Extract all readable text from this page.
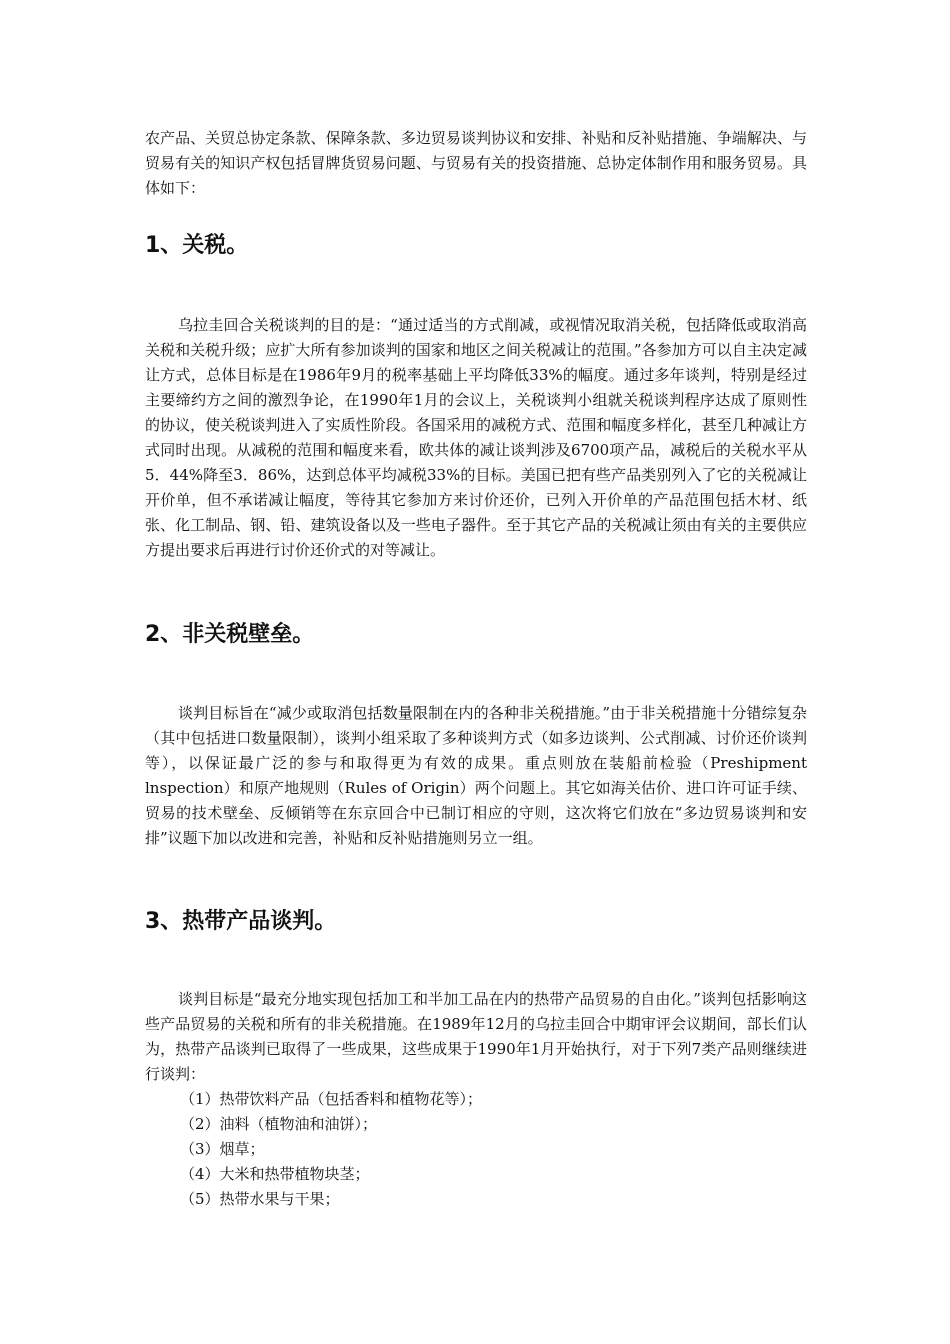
农产品、关贸总协定条款、保障条款、多边贸易谈判协议和安排、补贴和反补贴措施、争端解决、与贸易有关的知识产权包括冒牌货贸易问题、与贸易有关的投资措施、总协定体制作用和服务贸易。具体如下：

1、关税。

乌拉圭回合关税谈判的目的是：“通过适当的方式削减，或视情况取消关税，包括降低或取消高关税和关税升级；应扩大所有参加谈判的国家和地区之间关税减让的范围。”各参加方可以自主决定减让方式，总体目标是在1986年9月的税率基础上平均降低33%的幅度。通过多年谈判，特别是经过主要缔约方之间的激烈争论，在1990年1月的会议上，关税谈判小组就关税谈判程序达成了原则性的协议，使关税谈判进入了实质性阶段。各国采用的减税方式、范围和幅度多样化，甚至几种减让方式同时出现。从减税的范围和幅度来看，欧共体的减让谈判涉及6700项产品，减税后的关税水平从5．44%降至3．86%，达到总体平均减税33%的目标。美国已把有些产品类别列入了它的关税减让开价单，但不承诺减让幅度，等待其它参加方来讨价还价，已列入开价单的产品范围包括木材、纸张、化工制品、钢、铅、建筑设备以及一些电子器件。至于其它产品的关税减让须由有关的主要供应方提出要求后再进行讨价还价式的对等减让。

2、非关税壁垒。

谈判目标旨在“减少或取消包括数量限制在内的各种非关税措施。”由于非关税措施十分错综复杂（其中包括进口数量限制），谈判小组采取了多种谈判方式（如多边谈判、公式削减、讨价还价谈判等），以保证最广泛的参与和取得更为有效的成果。重点则放在装船前检验（Preshipment lnspection）和原产地规则（Rules of Origin）两个问题上。其它如海关估价、进口许可证手续、贸易的技术壁垒、反倾销等在东京回合中已制订相应的守则，这次将它们放在“多边贸易谈判和安排”议题下加以改进和完善，补贴和反补贴措施则另立一组。

3、热带产品谈判。

谈判目标是“最充分地实现包括加工和半加工品在内的热带产品贸易的自由化。”谈判包括影响这些产品贸易的关税和所有的非关税措施。在1989年12月的乌拉圭回合中期审评会议期间，部长们认为，热带产品谈判已取得了一些成果，这些成果于1990年1月开始执行，对于下列7类产品则继续进行谈判：

（1）热带饮料产品（包括香料和植物花等）；
（2）油料（植物油和油饼）；
（3）烟草；
（4）大米和热带植物块茎；
（5）热带水果与干果；
